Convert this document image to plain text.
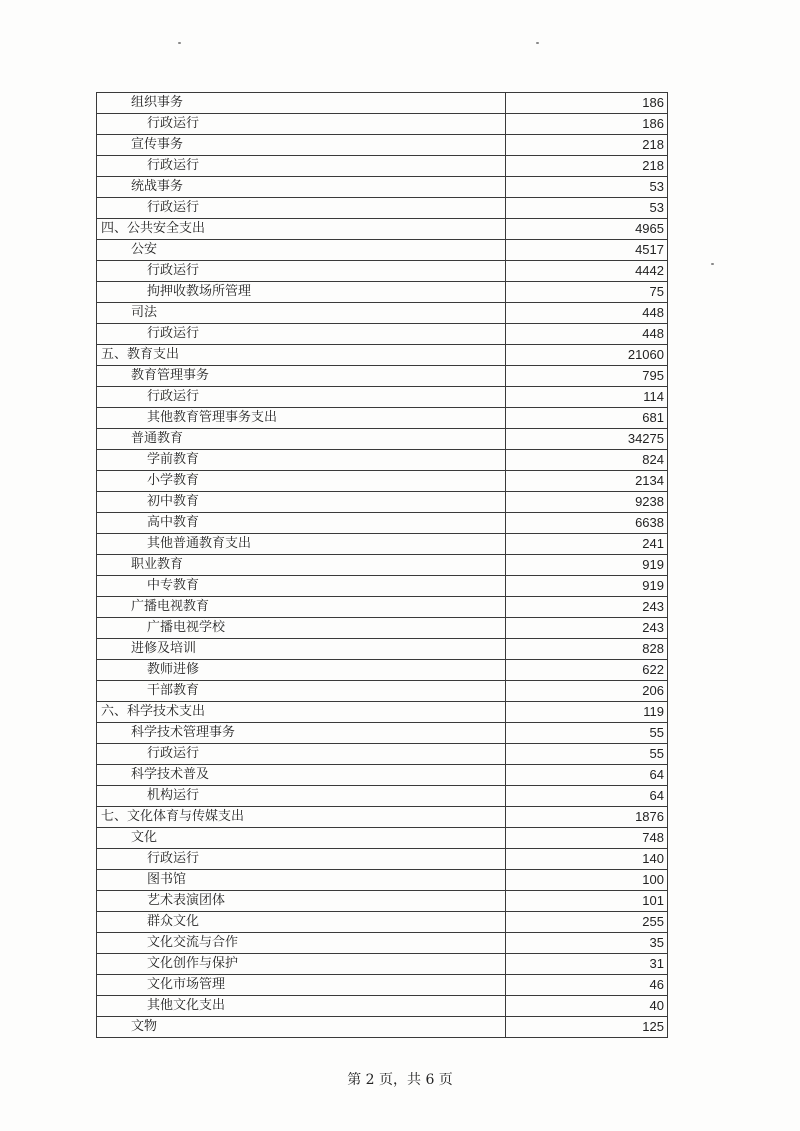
组织事务	186
行政运行	186
宣传事务	218
行政运行	218
统战事务	53
行政运行	53
四、公共安全支出	4965
公安	4517
行政运行	4442
拘押收教场所管理	75
司法	448
行政运行	448
五、教育支出	21060
教育管理事务	795
行政运行	114
其他教育管理事务支出	681
普通教育	34275
学前教育	824
小学教育	2134
初中教育	9238
高中教育	6638
其他普通教育支出	241
职业教育	919
中专教育	919
广播电视教育	243
广播电视学校	243
进修及培训	828
教师进修	622
干部教育	206
六、科学技术支出	119
科学技术管理事务	55
行政运行	55
科学技术普及	64
机构运行	64
七、文化体育与传媒支出	1876
文化	748
行政运行	140
图书馆	100
艺术表演团体	101
群众文化	255
文化交流与合作	35
文化创作与保护	31
文化市场管理	46
其他文化支出	40
文物	125
第 2 页，共 6 页
